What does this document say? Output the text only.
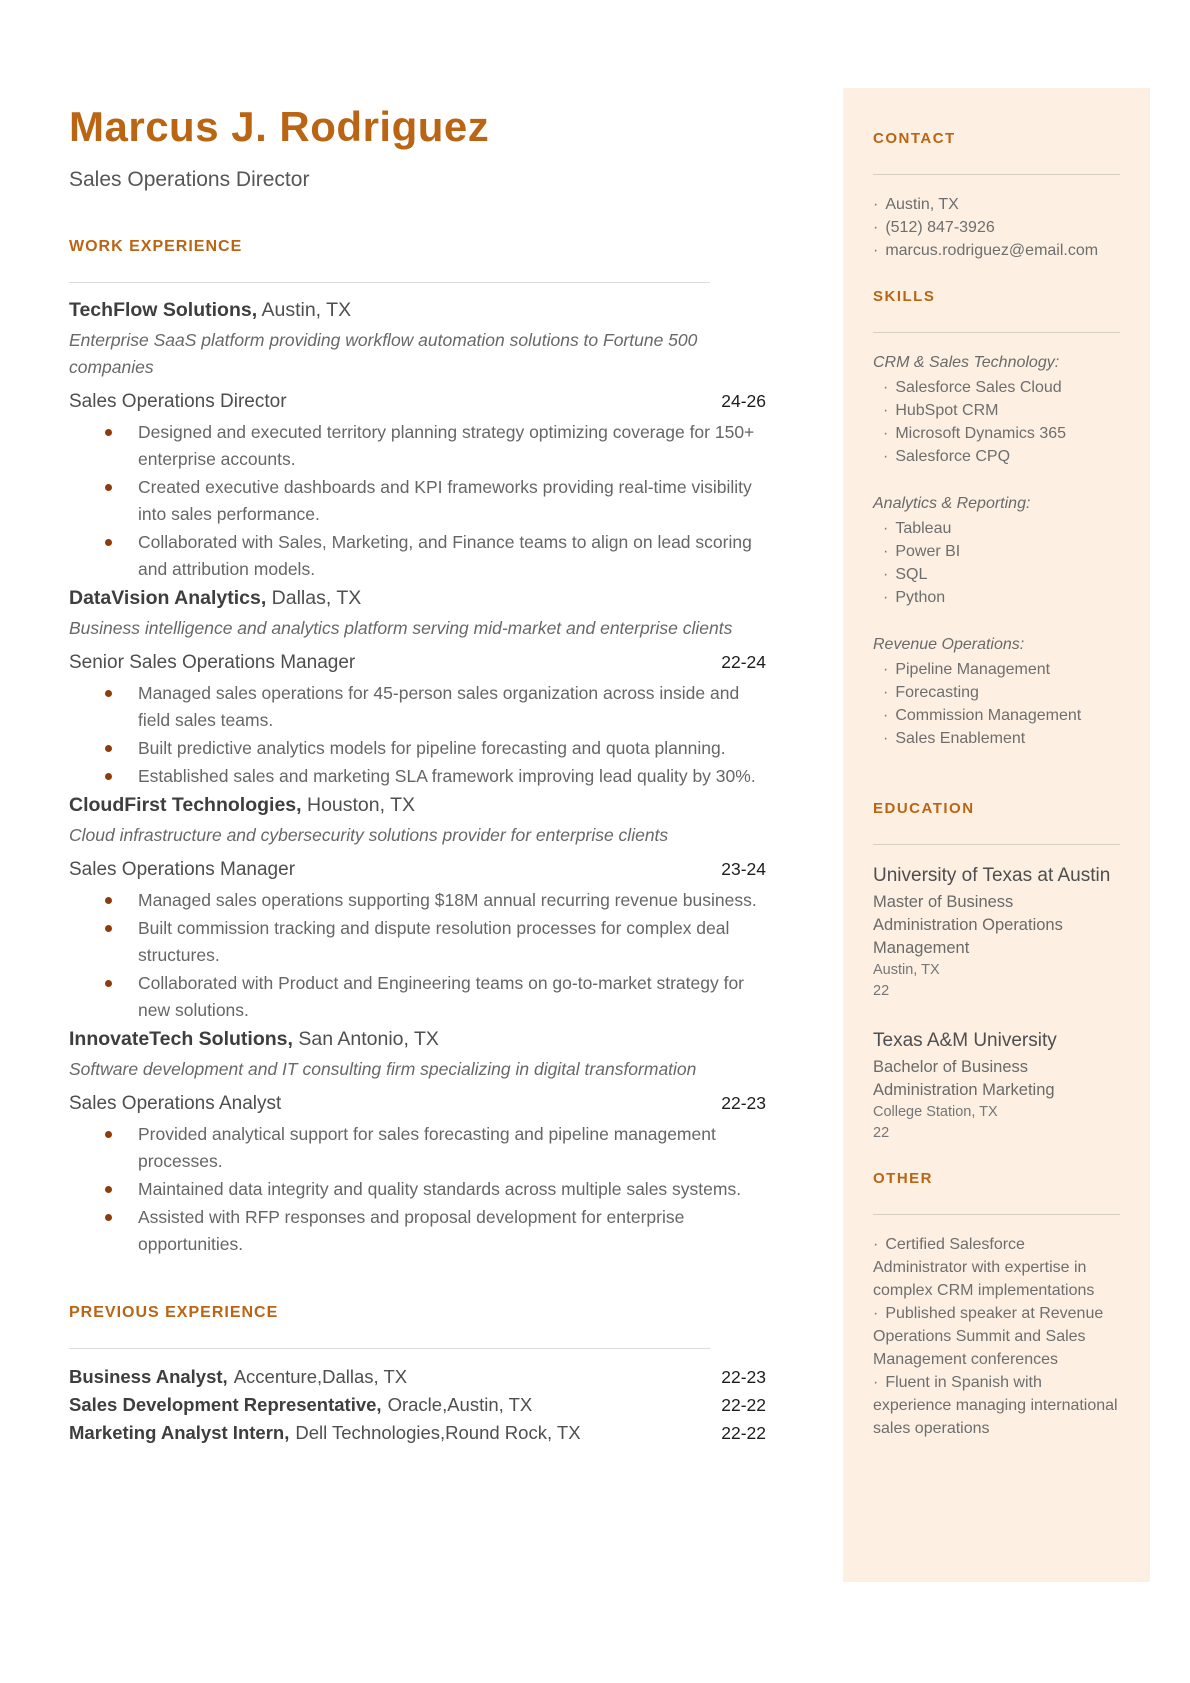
Marcus J. Rodriguez
Sales Operations Director
WORK EXPERIENCE
TechFlow Solutions, Austin, TX
Enterprise SaaS platform providing workflow automation solutions to Fortune 500 companies
Sales Operations Director	24-26
Designed and executed territory planning strategy optimizing coverage for 150+ enterprise accounts.
Created executive dashboards and KPI frameworks providing real-time visibility into sales performance.
Collaborated with Sales, Marketing, and Finance teams to align on lead scoring and attribution models.
DataVision Analytics, Dallas, TX
Business intelligence and analytics platform serving mid-market and enterprise clients
Senior Sales Operations Manager	22-24
Managed sales operations for 45-person sales organization across inside and field sales teams.
Built predictive analytics models for pipeline forecasting and quota planning.
Established sales and marketing SLA framework improving lead quality by 30%.
CloudFirst Technologies, Houston, TX
Cloud infrastructure and cybersecurity solutions provider for enterprise clients
Sales Operations Manager	23-24
Managed sales operations supporting $18M annual recurring revenue business.
Built commission tracking and dispute resolution processes for complex deal structures.
Collaborated with Product and Engineering teams on go-to-market strategy for new solutions.
InnovateTech Solutions, San Antonio, TX
Software development and IT consulting firm specializing in digital transformation
Sales Operations Analyst	22-23
Provided analytical support for sales forecasting and pipeline management processes.
Maintained data integrity and quality standards across multiple sales systems.
Assisted with RFP responses and proposal development for enterprise opportunities.
PREVIOUS EXPERIENCE
Business Analyst, Accenture,Dallas, TX	22-23
Sales Development Representative, Oracle,Austin, TX	22-22
Marketing Analyst Intern, Dell Technologies,Round Rock, TX	22-22
CONTACT
· Austin, TX
· (512) 847-3926
· marcus.rodriguez@email.com
SKILLS
CRM & Sales Technology:
· Salesforce Sales Cloud
· HubSpot CRM
· Microsoft Dynamics 365
· Salesforce CPQ
Analytics & Reporting:
· Tableau
· Power BI
· SQL
· Python
Revenue Operations:
· Pipeline Management
· Forecasting
· Commission Management
· Sales Enablement
EDUCATION
University of Texas at Austin
Master of Business Administration Operations Management
Austin, TX
22
Texas A&M University
Bachelor of Business Administration Marketing
College Station, TX
22
OTHER
· Certified Salesforce Administrator with expertise in complex CRM implementations
· Published speaker at Revenue Operations Summit and Sales Management conferences
· Fluent in Spanish with experience managing international sales operations
